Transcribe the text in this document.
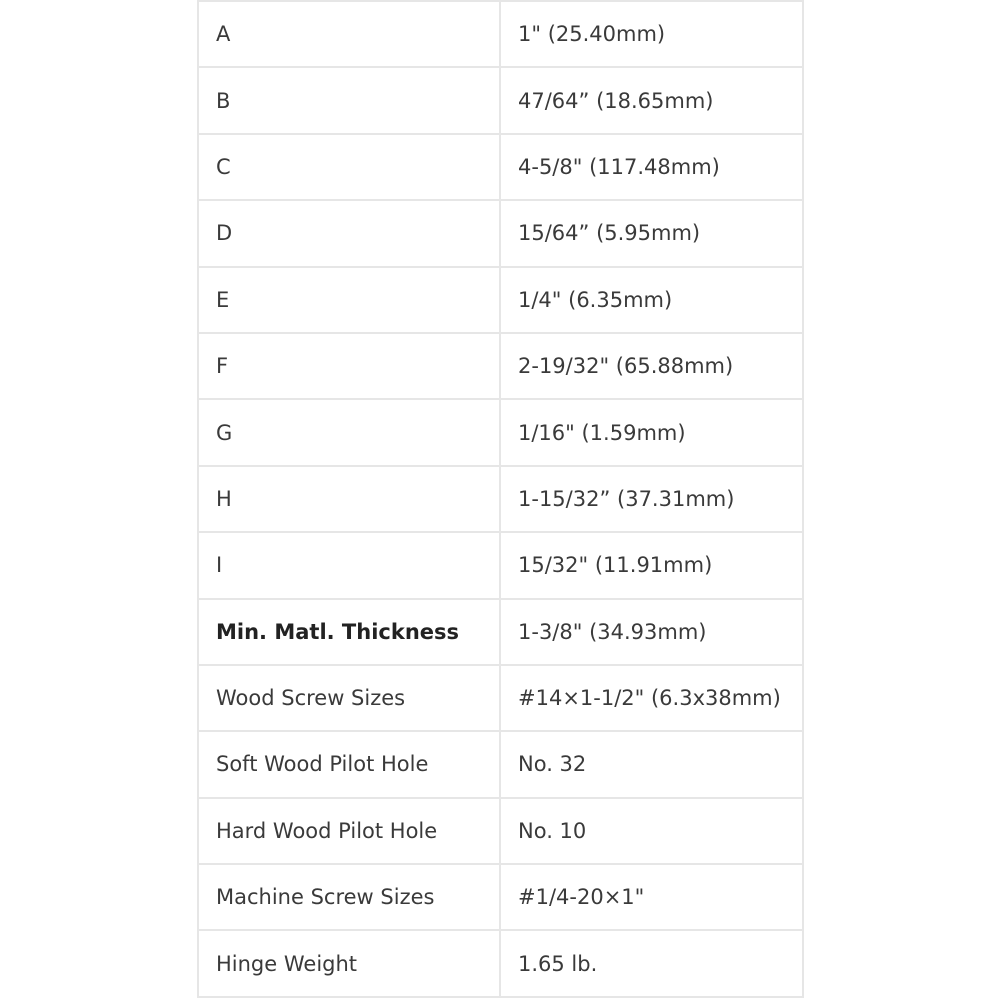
A	1" (25.40mm)
B	47/64” (18.65mm)
C	4-5/8" (117.48mm)
D	15/64” (5.95mm)
E	1/4" (6.35mm)
F	2-19/32" (65.88mm)
G	1/16" (1.59mm)
H	1-15/32” (37.31mm)
I	15/32" (11.91mm)
Min. Matl. Thickness	1-3/8" (34.93mm)
Wood Screw Sizes	#14×1-1/2" (6.3x38mm)
Soft Wood Pilot Hole	No. 32
Hard Wood Pilot Hole	No. 10
Machine Screw Sizes	#1/4-20×1"
Hinge Weight	1.65 lb.
